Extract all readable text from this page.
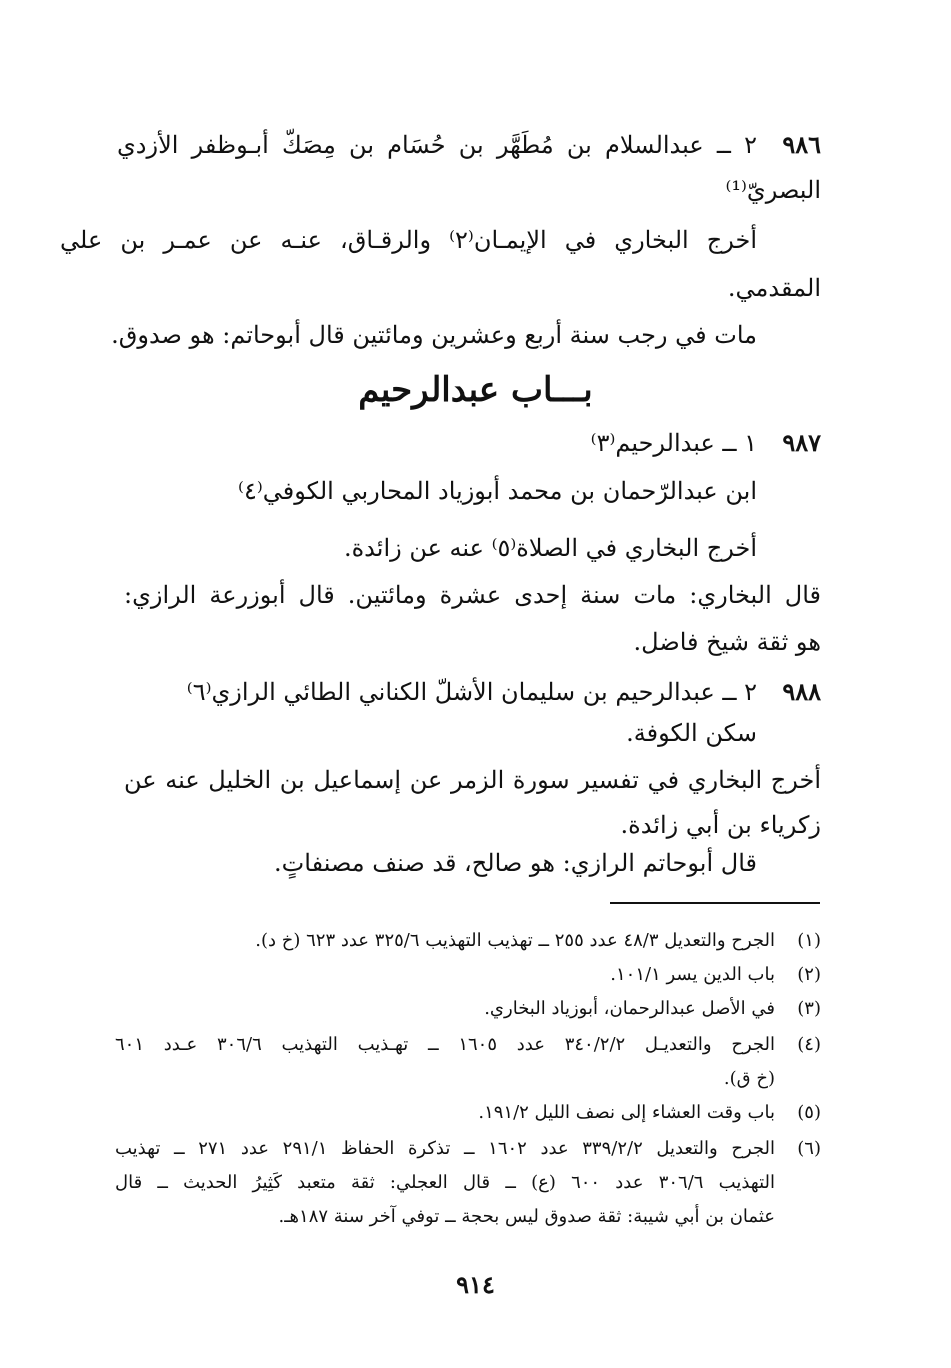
٩٨٦
٢ ــ عبدالسلام بن مُطَهَّر بن حُسَام بن مِصَكّ أبـوظفر الأزدي
البصريّ⁽¹⁾
أخرج البخاري في الإيمـان⁽٢⁾ والرقـاق، عنـه عن عمـر بن علي
المقدمي.
مات في رجب سنة أربع وعشرين ومائتين قال أبوحاتم: هو صدوق.
بـــاب عبدالرحيم
٩٨٧
١ ــ عبدالرحيم⁽٣⁾
ابن عبدالرّحمان بن محمد أبوزياد المحاربي الكوفي⁽٤⁾
أخرج البخاري في الصلاة⁽٥⁾ عنه عن زائدة.
قال البخاري: مات سنة إحدى عشرة ومائتين. قال أبوزرعة الرازي:
هو ثقة شيخ فاضل.
٩٨٨
٢ ــ عبدالرحيم بن سليمان الأشلّ الكناني الطائي الرازي⁽٦⁾
سكن الكوفة.
أخرج البخاري في تفسير سورة الزمر عن إسماعيل بن الخليل عنه عن
زكرياء بن أبي زائدة.
قال أبوحاتم الرازي: هو صالح، قد صنف مصنفاتٍ.
(١)
الجرح والتعديل ٤٨/٣ عدد ٢٥٥ ــ تهذيب التهذيب ٣٢٥/٦ عدد ٦٢٣ (خ د).
(٢)
باب الدين يسر ١٠١/١.
(٣)
في الأصل عبدالرحمان، أبوزياد البخاري.
(٤)
الجرح والتعديـل ٣٤٠/٢/٢ عدد ١٦٠٥ ــ تهـذيب التهذيب ٣٠٦/٦ عـدد ٦٠١
(خ ق).
(٥)
باب وقت العشاء إلى نصف الليل ١٩١/٢.
(٦)
الجرح والتعديل ٣٣٩/٢/٢ عدد ١٦٠٢ ــ تذكرة الحفاظ ٢٩١/١ عدد ٢٧١ ــ تهذيب
التهذيب ٣٠٦/٦ عدد ٦٠٠ (ع) ــ قال العجلي: ثقة متعبد كَثِيرُ الحديث ــ قال
عثمان بن أبي شيبة: ثقة صدوق ليس بحجة ــ توفي آخر سنة ١٨٧هـ.
٩١٤
